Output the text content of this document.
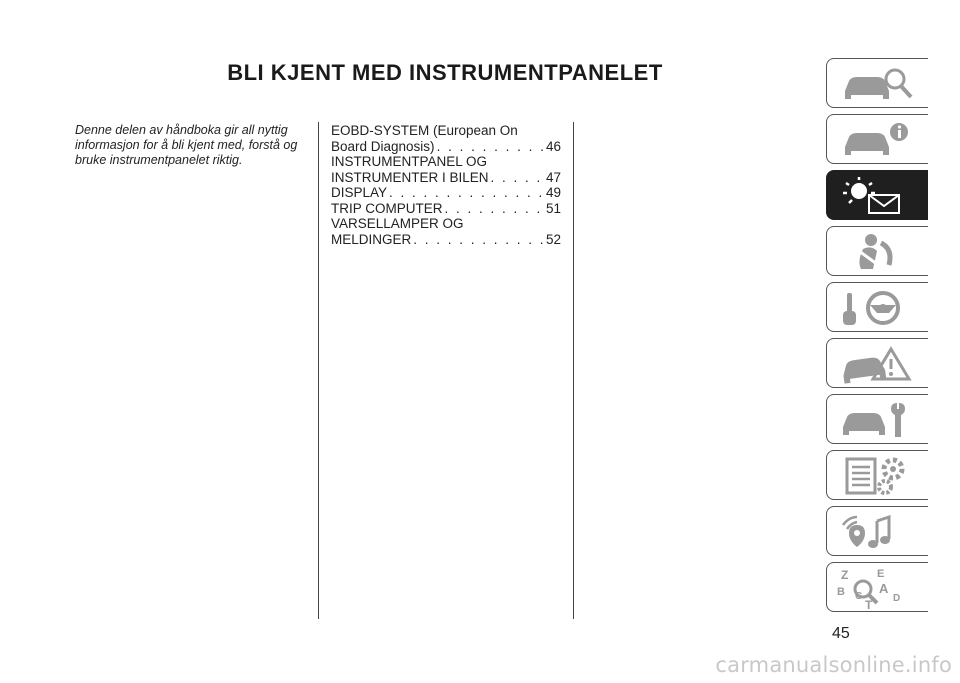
BLI KJENT MED INSTRUMENTPANELET
Denne delen av håndboka gir all nyttig informasjon for å bli kjent med, forstå og bruke instrumentpanelet riktig.
EOBD-SYSTEM (European On
Board Diagnosis) . . .	46
INSTRUMENTPANEL OG
INSTRUMENTER I BILEN . . .	47
DISPLAY . . .	49
TRIP COMPUTER . . .	51
VARSELLAMPER OG
MELDINGER . . .	52
Z	E
B	A
C	D
T
45
carmanualsonline.info
